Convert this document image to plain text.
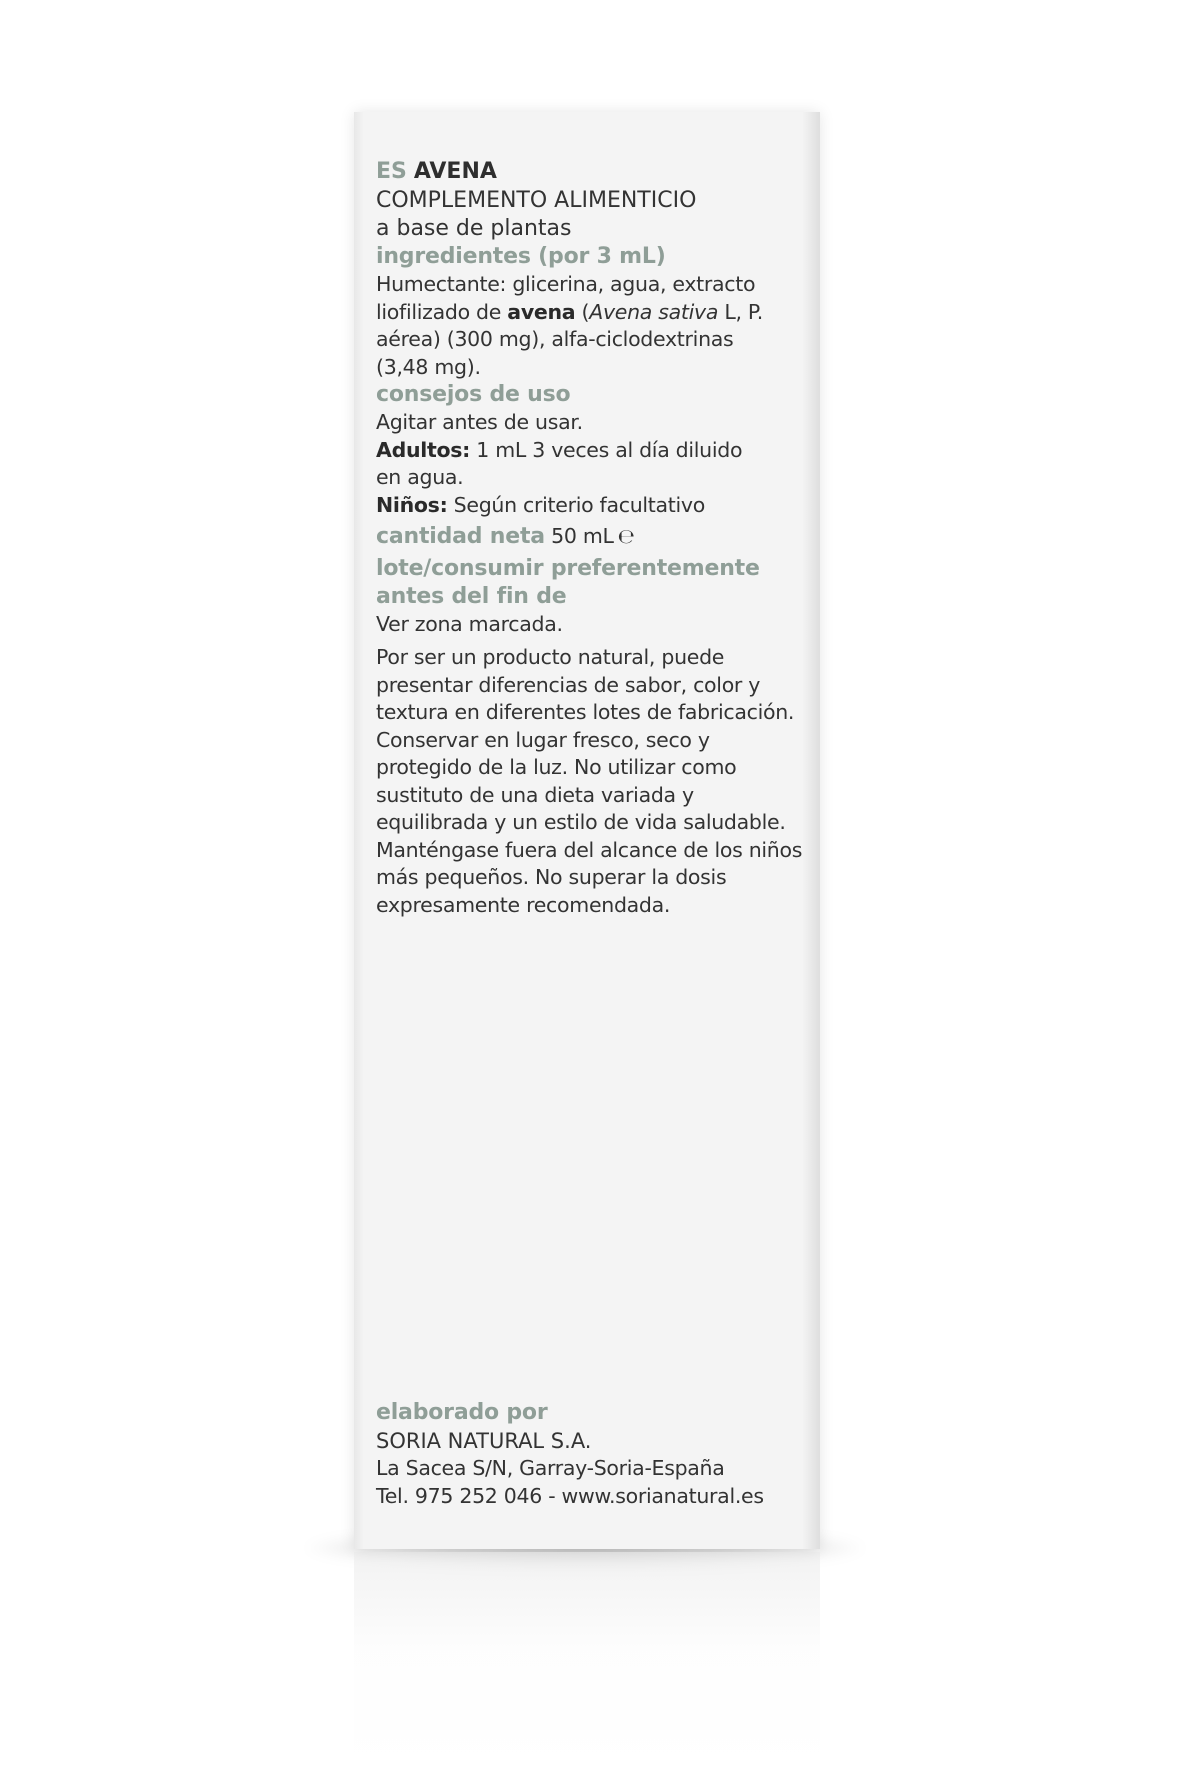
ES AVENA
COMPLEMENTO ALIMENTICIO
a base de plantas
ingredientes (por 3 mL)
Humectante: glicerina, agua, extracto
liofilizado de avena (Avena sativa L, P.
aérea) (300 mg), alfa-ciclodextrinas
(3,48 mg).
consejos de uso
Agitar antes de usar.
Adultos: 1 mL 3 veces al día diluido
en agua.
Niños: Según criterio facultativo
cantidad neta 50 mL ℮
lote/consumir preferentemente
antes del fin de
Ver zona marcada.
Por ser un producto natural, puede
presentar diferencias de sabor, color y
textura en diferentes lotes de fabricación.
Conservar en lugar fresco, seco y
protegido de la luz. No utilizar como
sustituto de una dieta variada y
equilibrada y un estilo de vida saludable.
Manténgase fuera del alcance de los niños
más pequeños. No superar la dosis
expresamente recomendada.
elaborado por
SORIA NATURAL S.A.
La Sacea S/N, Garray-Soria-España
Tel. 975 252 046 - www.sorianatural.es
